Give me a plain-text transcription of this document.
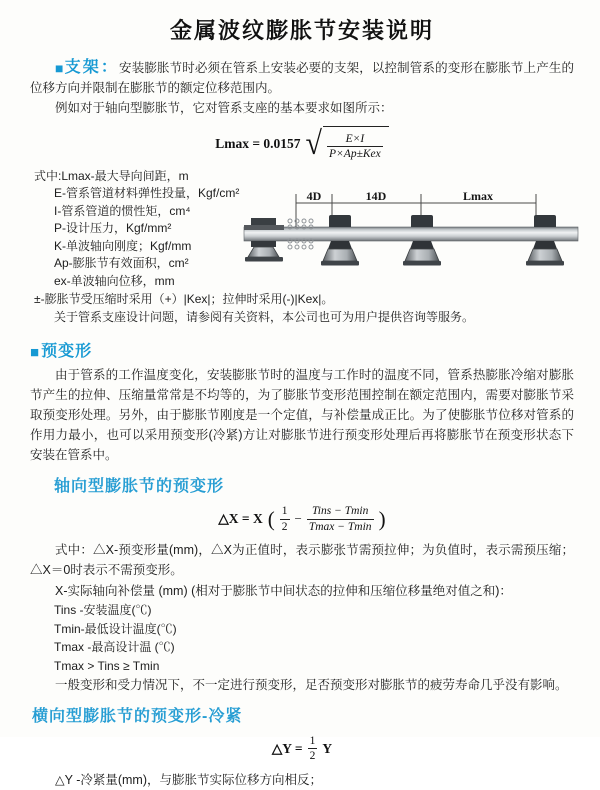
金属波纹膨胀节安装说明

■支架：安装膨胀节时必须在管系上安装必要的支架，以控制管系的变形在膨胀节上产生的位移方向并限制在膨胀节的额定位移范围内。

例如对于轴向型膨胀节，它对管系支座的基本要求如图所示：

Lmax = 0.0157 √ $\frac{E\times I}{\text{P×Ap±Kex}}$
式中:Lmax-最大导向间距，m
E-管系管道材料弹性投量，Kgf/cm²
I-管系管道的惯性矩，cm⁴
P-设计压力，Kgf/mm²
K-单波轴向刚度；Kgf/mm
Ap-膨胀节有效面积，cm²
ex-单波轴向位移，mm

±-膨胀节受压缩时采用（+）|Kex|；拉伸时采用(-)|Kex|。

关于管系支座设计问题，请参阅有关资料，本公司也可为用户提供咨询等服务。

■预变形

由于管系的工作温度变化，安装膨胀节时的温度与工作时的温度不同，管系热膨胀冷缩对膨胀节产生的拉伸、压缩量常常是不均等的，为了膨胀节变形范围控制在额定范围内，需要对膨胀节采取预变形处理。另外，由于膨胀节刚度是一个定值，与补偿量成正比。为了使膨胀节位移对管系的作用力最小，也可以采用预变形(冷紧)方让对膨胀节进行预变形处理后再将膨胀节在预变形状态下安装在管系中。

轴向型膨胀节的预变形
△X = X ( $\frac{1}{2} - \frac{\text{Tins − Tmin}}{Tmax - Tmin}$ )

式中：△X-预变形量(mm)，△X为正值时，表示膨张节需预拉伸；为负值时，表示需预压缩；△X＝0时表示不需预变形。

X-实际轴向补偿量 (mm) (相对于膨胀节中间状态的拉伸和压缩位移量绝对值之和)：

Tins -安装温度(℃)
Tmin-最低设计温度(℃)
Tmax -最高设计温 (℃)
Tmax > Tins ≥ Tmin

一般变形和受力情况下，不一定进行预变形，足否预变形对膨胀节的疲劳寿命几乎没有影响。

横向型膨胀节的预变形-冷紧
△Y = $\frac{1}{2}$ Y

△Y -冷紧量(mm)，与膨胀节实际位移方向相反；

4D	14D	Lmax
